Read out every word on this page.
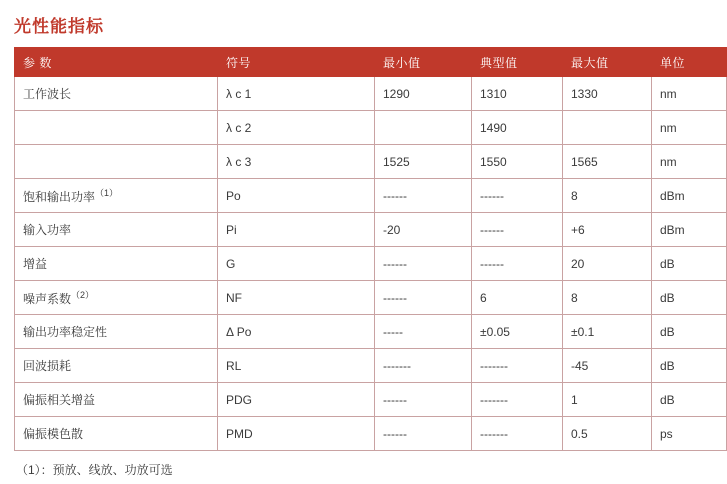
光性能指标
参 数	符号	最小值	典型值	最大值	单位
工作波长	λ c 1	1290	1310	1330	nm
	λ c 2		1490		nm
	λ c 3	1525	1550	1565	nm
饱和输出功率$^{(1)}$	Po	------	------	8	dBm
输入功率	Pi	-20	------	+6	dBm
增益	G	------	------	20	dB
噪声系数$^{(2)}$	NF	------	6	8	dB
输出功率稳定性	Δ Po	-----	±0.05	±0.1	dB
回波损耗	RL	-------	-------	-45	dB
偏振相关增益	PDG	------	-------	1	dB
偏振模色散	PMD	------	-------	0.5	ps
（1）：预放、线放、功放可选
